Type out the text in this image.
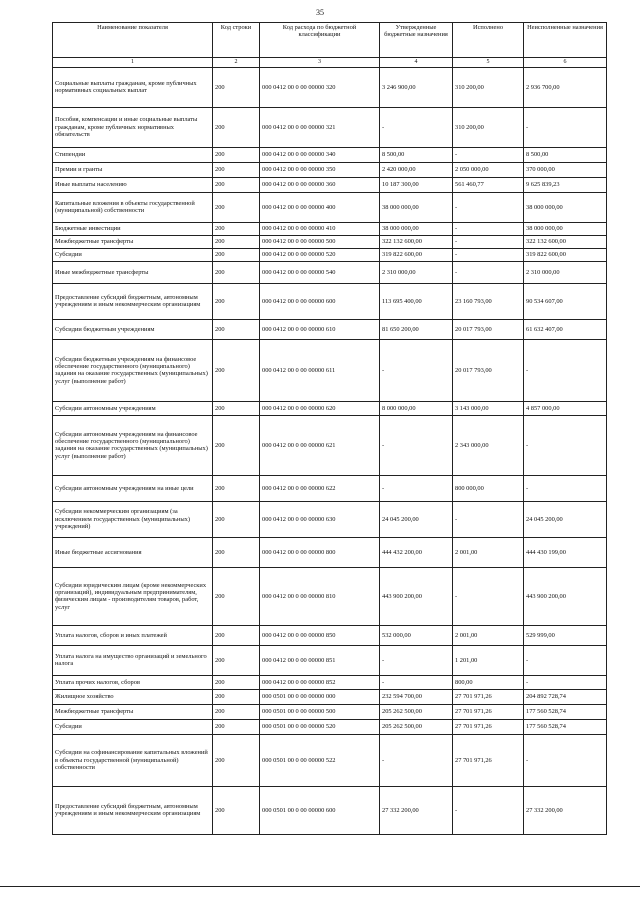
35
Наименование показателя	Код строки	Код расхода по бюджетной классификации	Утвержденные бюджетные назначения	Исполнено	Неисполненные назначения
1	2	3	4	5	6
Социальные выплаты гражданам, кроме публичных нормативных социальных выплат	200	000 0412 00 0 00 00000 320	3 246 900,00	310 200,00	2 936 700,00
Пособия, компенсации и иные социальные выплаты гражданам, кроме публичных нормативных обязательств	200	000 0412 00 0 00 00000 321	-	310 200,00	-
Стипендии	200	000 0412 00 0 00 00000 340	8 500,00	-	8 500,00
Премии и гранты	200	000 0412 00 0 00 00000 350	2 420 000,00	2 050 000,00	370 000,00
Иные выплаты населению	200	000 0412 00 0 00 00000 360	10 187 300,00	561 460,77	9 625 839,23
Капитальные вложения в объекты государственной (муниципальной) собственности	200	000 0412 00 0 00 00000 400	38 000 000,00	-	38 000 000,00
Бюджетные инвестиции	200	000 0412 00 0 00 00000 410	38 000 000,00	-	38 000 000,00
Межбюджетные трансферты	200	000 0412 00 0 00 00000 500	322 132 600,00	-	322 132 600,00
Субсидии	200	000 0412 00 0 00 00000 520	319 822 600,00	-	319 822 600,00
Иные межбюджетные трансферты	200	000 0412 00 0 00 00000 540	2 310 000,00	-	2 310 000,00
Предоставление субсидий бюджетным, автономным учреждениям и иным некоммерческим организациям	200	000 0412 00 0 00 00000 600	113 695 400,00	23 160 793,00	90 534 607,00
Субсидии бюджетным учреждениям	200	000 0412 00 0 00 00000 610	81 650 200,00	20 017 793,00	61 632 407,00
Субсидии бюджетным учреждениям на финансовое обеспечение государственного (муниципального) задания на оказание государственных (муниципальных) услуг (выполнение работ)	200	000 0412 00 0 00 00000 611	-	20 017 793,00	-
Субсидии автономным учреждениям	200	000 0412 00 0 00 00000 620	8 000 000,00	3 143 000,00	4 857 000,00
Субсидии автономным учреждениям на финансовое обеспечение государственного (муниципального) задания на оказание государственных (муниципальных) услуг (выполнение работ)	200	000 0412 00 0 00 00000 621	-	2 343 000,00	-
Субсидии автономным учреждениям на иные цели	200	000 0412 00 0 00 00000 622	-	800 000,00	-
Субсидии некоммерческим организациям (за исключением государственных (муниципальных) учреждений)	200	000 0412 00 0 00 00000 630	24 045 200,00	-	24 045 200,00
Иные бюджетные ассигнования	200	000 0412 00 0 00 00000 800	444 432 200,00	2 001,00	444 430 199,00
Субсидии юридическим лицам (кроме некоммерческих организаций), индивидуальным предпринимателям, физическим лицам - производителям товаров, работ, услуг	200	000 0412 00 0 00 00000 810	443 900 200,00	-	443 900 200,00
Уплата налогов, сборов и иных платежей	200	000 0412 00 0 00 00000 850	532 000,00	2 001,00	529 999,00
Уплата налога на имущество организаций и земельного налога	200	000 0412 00 0 00 00000 851	-	1 201,00	-
Уплата прочих налогов, сборов	200	000 0412 00 0 00 00000 852	-	800,00	-
Жилищное хозяйство	200	000 0501 00 0 00 00000 000	232 594 700,00	27 701 971,26	204 892 728,74
Межбюджетные трансферты	200	000 0501 00 0 00 00000 500	205 262 500,00	27 701 971,26	177 560 528,74
Субсидии	200	000 0501 00 0 00 00000 520	205 262 500,00	27 701 971,26	177 560 528,74
Субсидии на софинансирование капитальных вложений в объекты государственной (муниципальной) собственности	200	000 0501 00 0 00 00000 522	-	27 701 971,26	-
Предоставление субсидий бюджетным, автономным учреждениям и иным некоммерческим организациям	200	000 0501 00 0 00 00000 600	27 332 200,00	-	27 332 200,00
